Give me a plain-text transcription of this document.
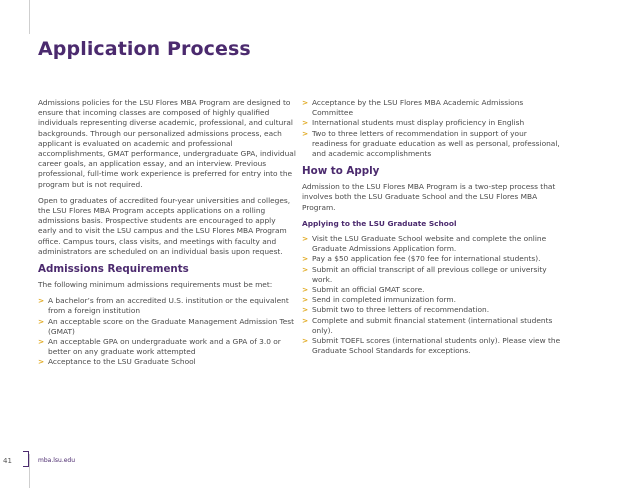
Application Process

Admissions policies for the LSU Flores MBA Program are designed to ensure that incoming classes are composed of highly qualified individuals representing diverse academic, professional, and cultural backgrounds. Through our personalized admissions process, each applicant is evaluated on academic and professional accomplishments, GMAT performance, undergraduate GPA, individual career goals, an application essay, and an interview. Previous professional, full-time work experience is preferred for entry into the program but is not required.

Open to graduates of accredited four-year universities and colleges, the LSU Flores MBA Program accepts applications on a rolling admissions basis. Prospective students are encouraged to apply early and to visit the LSU campus and the LSU Flores MBA Program office. Campus tours, class visits, and meetings with faculty and administrators are scheduled on an individual basis upon request.

Admissions Requirements

The following minimum admissions requirements must be met:

> A bachelor’s from an accredited U.S. institution or the equivalent from a foreign institution
> An acceptable score on the Graduate Management Admission Test (GMAT)
> An acceptable GPA on undergraduate work and a GPA of 3.0 or better on any graduate work attempted
> Acceptance to the LSU Graduate School
> Acceptance by the LSU Flores MBA Academic Admissions Committee
> International students must display proficiency in English
> Two to three letters of recommendation in support of your readiness for graduate education as well as personal, professional, and academic accomplishments
How to Apply

Admission to the LSU Flores MBA Program is a two-step process that involves both the LSU Graduate School and the LSU Flores MBA Program.

Applying to the LSU Graduate School
> Visit the LSU Graduate School website and complete the online Graduate Admissions Application form.
> Pay a $50 application fee ($70 fee for international students).
> Submit an official transcript of all previous college or university work.
> Submit an official GMAT score.
> Send in completed immunization form.
> Submit two to three letters of recommendation.
> Complete and submit financial statement (international students only).
> Submit TOEFL scores (international students only). Please view the Graduate School Standards for exceptions.
41	mba.lsu.edu
